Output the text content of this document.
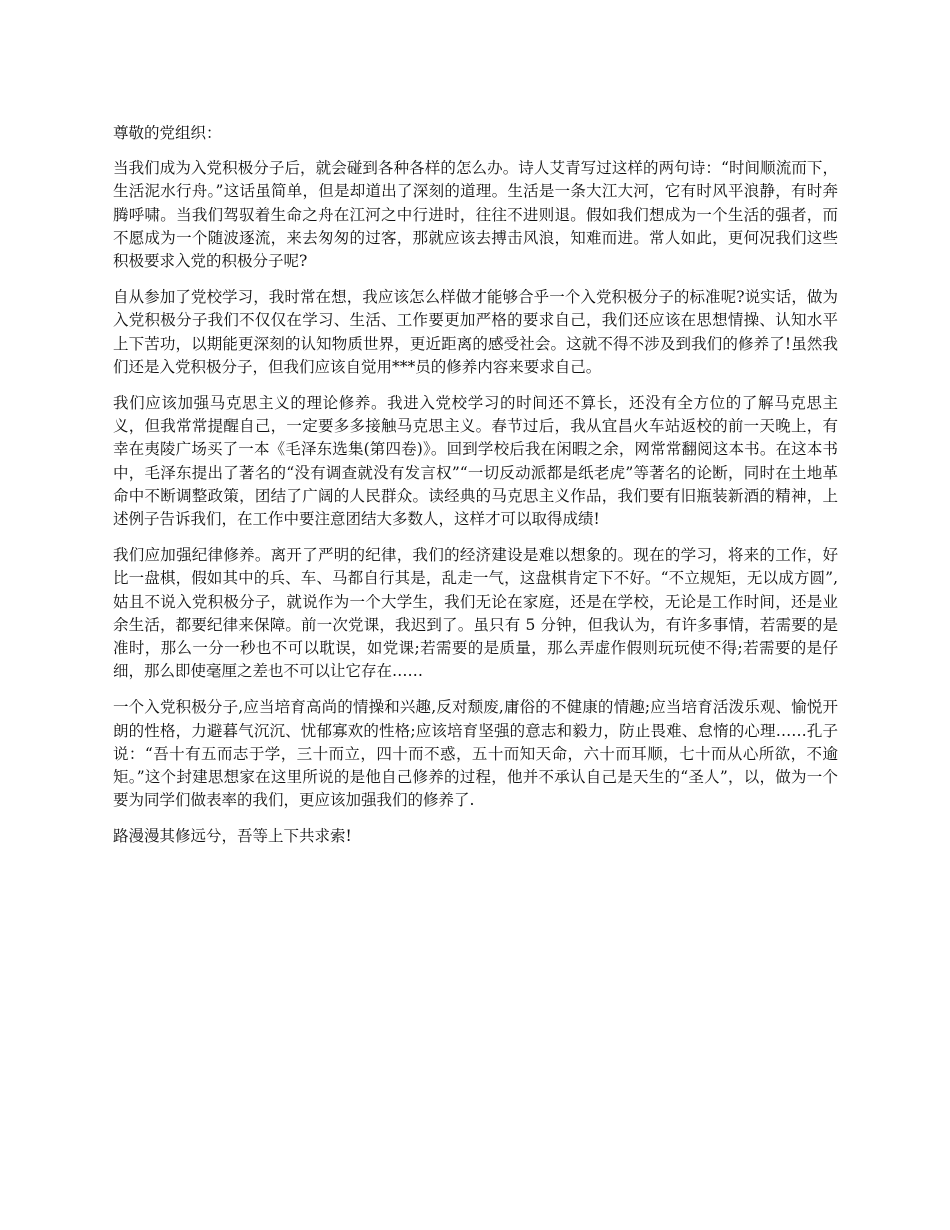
尊敬的党组织：

当我们成为入党积极分子后，就会碰到各种各样的怎么办。诗人艾青写过这样的两句诗：“时间顺流而下，生活泥水行舟。”这话虽简单，但是却道出了深刻的道理。生活是一条大江大河，它有时风平浪静，有时奔腾呼啸。当我们驾驭着生命之舟在江河之中行进时，往往不进则退。假如我们想成为一个生活的强者，而不愿成为一个随波逐流，来去匆匆的过客，那就应该去搏击风浪，知难而进。常人如此，更何况我们这些积极要求入党的积极分子呢?

自从参加了党校学习，我时常在想，我应该怎么样做才能够合乎一个入党积极分子的标准呢?说实话，做为入党积极分子我们不仅仅在学习、生活、工作要更加严格的要求自己，我们还应该在思想情操、认知水平上下苦功，以期能更深刻的认知物质世界，更近距离的感受社会。这就不得不涉及到我们的修养了!虽然我们还是入党积极分子，但我们应该自觉用***员的修养内容来要求自己。

我们应该加强马克思主义的理论修养。我进入党校学习的时间还不算长，还没有全方位的了解马克思主义，但我常常提醒自己，一定要多多接触马克思主义。春节过后，我从宜昌火车站返校的前一天晚上，有幸在夷陵广场买了一本《毛泽东选集(第四卷)》。回到学校后我在闲暇之余，网常常翻阅这本书。在这本书中，毛泽东提出了著名的“没有调查就没有发言权”“一切反动派都是纸老虎”等著名的论断，同时在土地革命中不断调整政策，团结了广阔的人民群众。读经典的马克思主义作品，我们要有旧瓶装新酒的精神，上述例子告诉我们，在工作中要注意团结大多数人，这样才可以取得成绩!

我们应加强纪律修养。离开了严明的纪律，我们的经济建设是难以想象的。现在的学习，将来的工作，好比一盘棋，假如其中的兵、车、马都自行其是，乱走一气，这盘棋肯定下不好。“不立规矩，无以成方圆”,姑且不说入党积极分子，就说作为一个大学生，我们无论在家庭，还是在学校，无论是工作时间，还是业余生活，都要纪律来保障。前一次党课，我迟到了。虽只有 5 分钟，但我认为，有许多事情，若需要的是准时，那么一分一秒也不可以耽误，如党课;若需要的是质量，那么弄虚作假则玩玩使不得;若需要的是仔细，那么即使毫厘之差也不可以让它存在……

一个入党积极分子,应当培育高尚的情操和兴趣,反对颓废,庸俗的不健康的情趣;应当培育活泼乐观、愉悦开朗的性格，力避暮气沉沉、忧郁寡欢的性格;应该培育坚强的意志和毅力，防止畏难、怠惰的心理……孔子说：“吾十有五而志于学，三十而立，四十而不惑，五十而知天命，六十而耳顺，七十而从心所欲，不逾矩。”这个封建思想家在这里所说的是他自己修养的过程，他并不承认自己是天生的“圣人”，以，做为一个要为同学们做表率的我们，更应该加强我们的修养了.

路漫漫其修远兮，吾等上下共求索!
